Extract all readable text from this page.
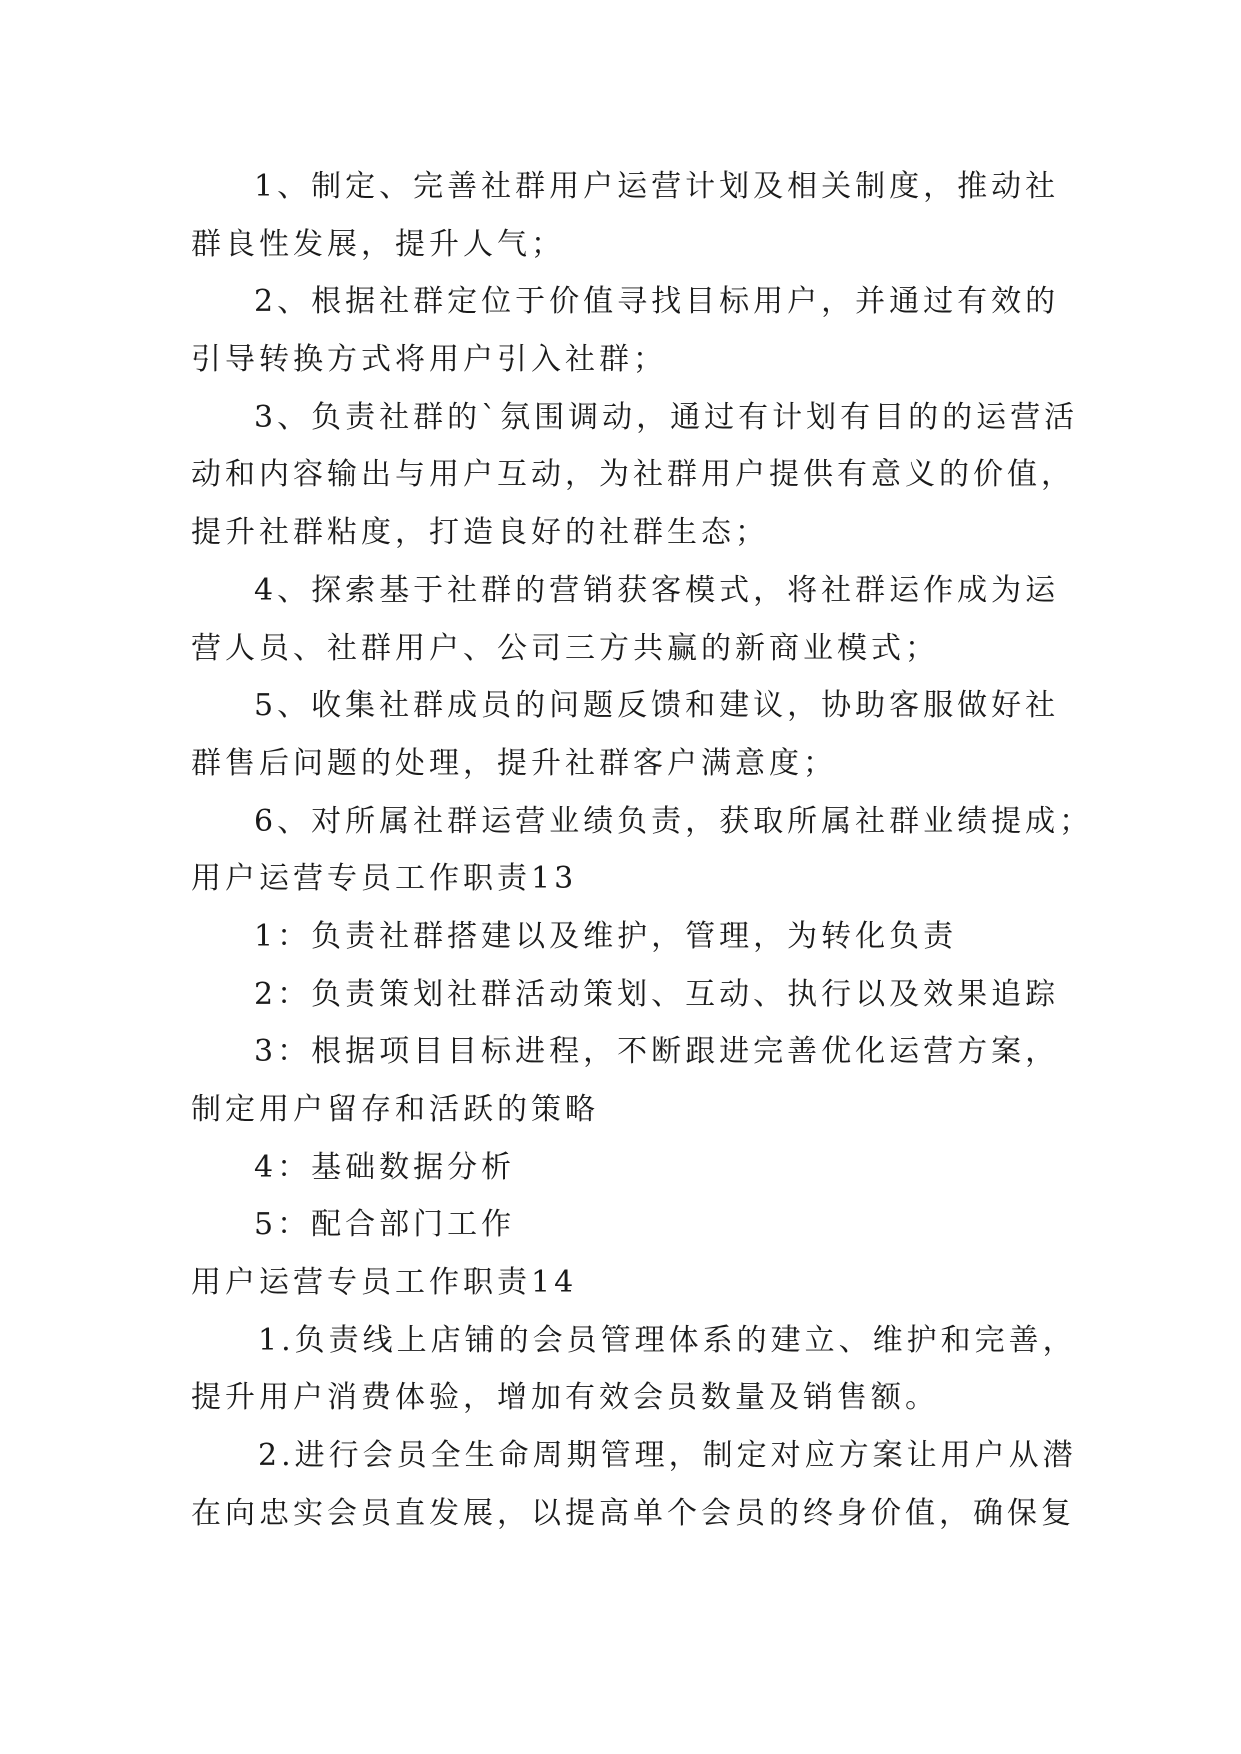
1、制定、完善社群用户运营计划及相关制度，推动社
群良性发展，提升人气；
2、根据社群定位于价值寻找目标用户，并通过有效的
引导转换方式将用户引入社群；
3、负责社群的`氛围调动，通过有计划有目的的运营活
动和内容输出与用户互动，为社群用户提供有意义的价值，
提升社群粘度，打造良好的社群生态；
4、探索基于社群的营销获客模式，将社群运作成为运
营人员、社群用户、公司三方共赢的新商业模式；
5、收集社群成员的问题反馈和建议，协助客服做好社
群售后问题的处理，提升社群客户满意度；
6、对所属社群运营业绩负责，获取所属社群业绩提成；
用户运营专员工作职责13
1：负责社群搭建以及维护，管理，为转化负责
2：负责策划社群活动策划、互动、执行以及效果追踪
3：根据项目目标进程，不断跟进完善优化运营方案，
制定用户留存和活跃的策略
4：基础数据分析
5：配合部门工作
用户运营专员工作职责14
1.负责线上店铺的会员管理体系的建立、维护和完善，
提升用户消费体验，增加有效会员数量及销售额。
2.进行会员全生命周期管理，制定对应方案让用户从潜
在向忠实会员直发展，以提高单个会员的终身价值，确保复
